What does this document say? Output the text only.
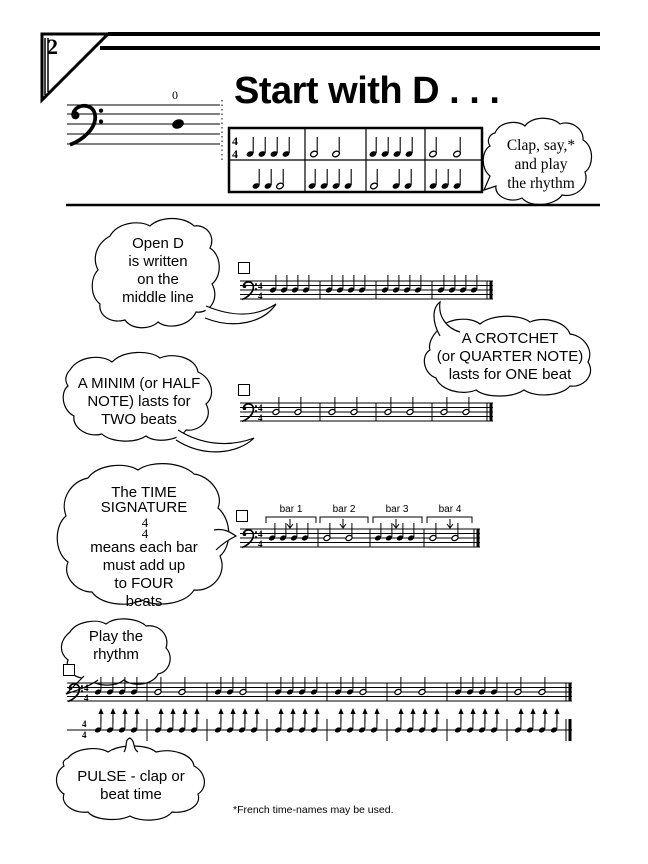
4
4
4
4
4
4
4
4
4
4
2
Start with D . . .
0
4
4	Clap, say,*
and play
the rhythm
Open D
is written
on the
middle line
A CROTCHET
(or QUARTER NOTE)
lasts for ONE beat
A MINIM (or HALF
NOTE) lasts for
TWO beats
The TIME
SIGNATURE
4
4
means each bar
must add up
to FOUR
beats
bar 1	bar 2	bar 3	bar 4
Play the
rhythm
PULSE - clap or
beat time
*French time-names may be used.
